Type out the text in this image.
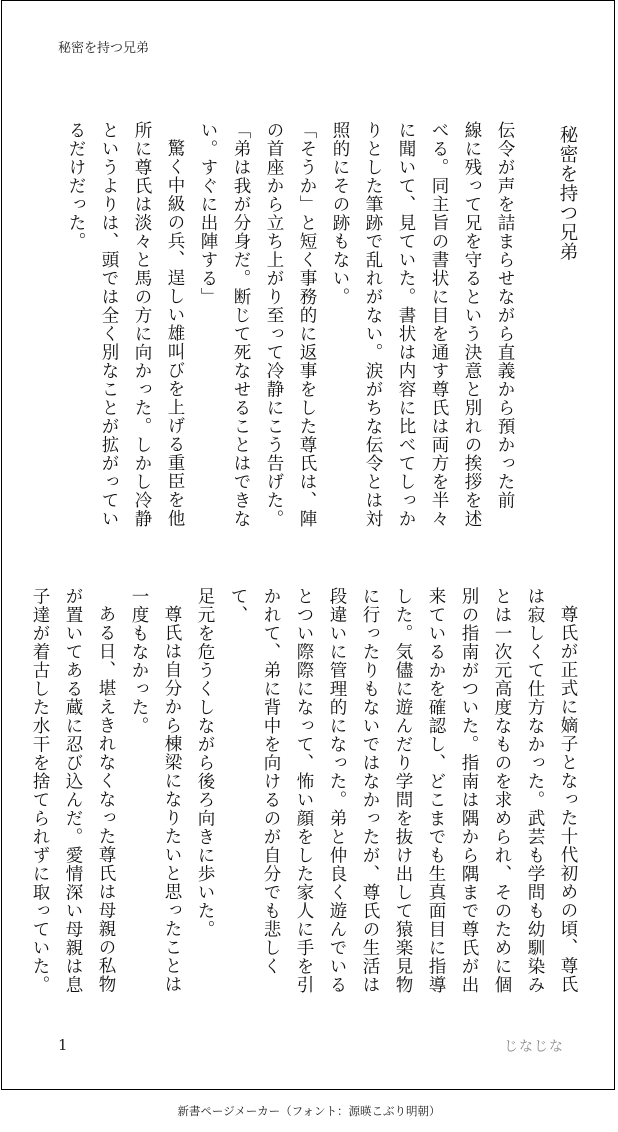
秘密を持つ兄弟
秘密を持つ兄弟
伝令が声を詰まらせながら直義から預かった前
線に残って兄を守るという決意と別れの挨拶を述
べる。同主旨の書状に目を通す尊氏は両方を半々
に聞いて、見ていた。書状は内容に比べてしっか
りとした筆跡で乱れがない。涙がちな伝令とは対
照的にその跡もない。
「そうか」と短く事務的に返事をした尊氏は、陣
の首座から立ち上がり至って冷静にこう告げた。
「弟は我が分身だ。断じて死なせることはできな
い。すぐに出陣する」
驚く中級の兵、逞しい雄叫びを上げる重臣を他
所に尊氏は淡々と馬の方に向かった。しかし冷静
というよりは、頭では全く別なことが拡がってい
るだけだった。
尊氏が正式に嫡子となった十代初めの頃、尊氏
は寂しくて仕方なかった。武芸も学問も幼馴染み
とは一次元高度なものを求められ、そのために個
別の指南がついた。指南は隅から隅まで尊氏が出
来ているかを確認し、どこまでも生真面目に指導
した。気儘に遊んだり学問を抜け出して猿楽見物
に行ったりもないではなかったが、尊氏の生活は
段違いに管理的になった。弟と仲良く遊んでいる
とつい際際になって、怖い顔をした家人に手を引
かれて、弟に背中を向けるのが自分でも悲しくて、
足元を危うくしながら後ろ向きに歩いた。
尊氏は自分から棟梁になりたいと思ったことは
一度もなかった。
ある日、堪えきれなくなった尊氏は母親の私物
が置いてある蔵に忍び込んだ。愛情深い母親は息
子達が着古した水干を捨てられずに取っていた。
1	じなじな
新書ページメーカー（フォント：源暎こぶり明朝）
